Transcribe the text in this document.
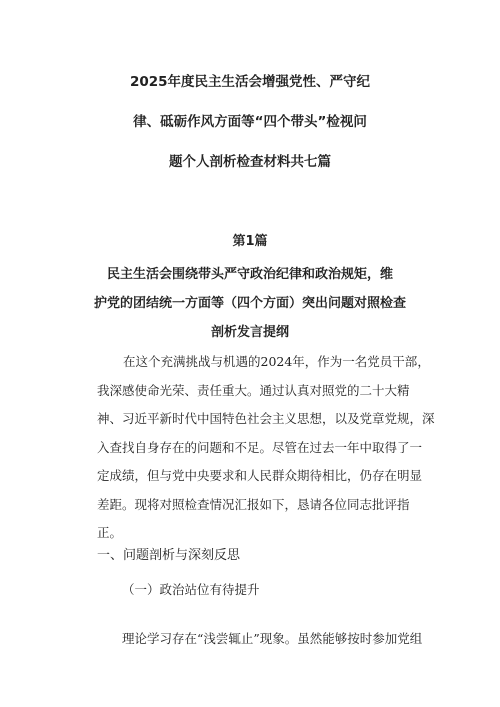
2025年度民主生活会增强党性、严守纪
律、砥砺作风方面等“四个带头”检视问
题个人剖析检查材料共七篇
第1篇
民主生活会围绕带头严守政治纪律和政治规矩，维
护党的团结统一方面等（四个方面）突出问题对照检查
剖析发言提纲
在这个充满挑战与机遇的2024年，作为一名党员干部，
我深感使命光荣、责任重大。通过认真对照党的二十大精
神、习近平新时代中国特色社会主义思想，以及党章党规，深
入查找自身存在的问题和不足。尽管在过去一年中取得了一
定成绩，但与党中央要求和人民群众期待相比，仍存在明显
差距。现将对照检查情况汇报如下，恳请各位同志批评指
正。
一、问题剖析与深刻反思
（一）政治站位有待提升
理论学习存在“浅尝辄止”现象。虽然能够按时参加党组
